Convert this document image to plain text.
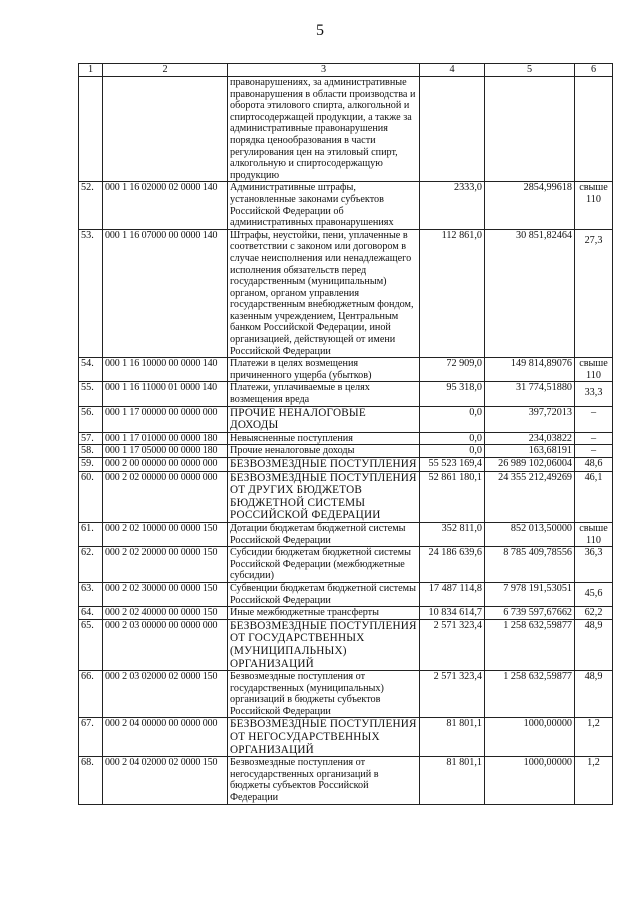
5
1	2	3	4	5	6
		правонарушениях, за административные правонарушения в области производства и оборота этилового спирта, алкогольной и спиртосодержащей продукции, а также за административные правонарушения порядка ценообразования в части регулирования цен на этиловый спирт, алкогольную и спиртосодержащую продукцию			
52.	000 1 16 02000 02 0000 140	Административные штрафы, установленные законами субъектов Российской Федерации об административных правонарушениях	2333,0	2854,99618	свыше 110
53.	000 1 16 07000 00 0000 140	Штрафы, неустойки, пени, уплаченные в соответствии с законом или договором в случае неисполнения или ненадлежащего исполнения обязательств перед государственным (муниципальным) органом, органом управления государственным внебюджетным фондом, казенным учреждением, Центральным банком Российской Федерации, иной организацией, действующей от имени Российской Федерации	112 861,0	30 851,82464	27,3
54.	000 1 16 10000 00 0000 140	Платежи в целях возмещения причиненного ущерба (убытков)	72 909,0	149 814,89076	свыше 110
55.	000 1 16 11000 01 0000 140	Платежи, уплачиваемые в целях возмещения вреда	95 318,0	31 774,51880	33,3
56.	000 1 17 00000 00 0000 000	ПРОЧИЕ НЕНАЛОГОВЫЕ ДОХОДЫ	0,0	397,72013	–
57.	000 1 17 01000 00 0000 180	Невыясненные поступления	0,0	234,03822	–
58.	000 1 17 05000 00 0000 180	Прочие неналоговые доходы	0,0	163,68191	–
59.	000 2 00 00000 00 0000 000	БЕЗВОЗМЕЗДНЫЕ ПОСТУПЛЕНИЯ	55 523 169,4	26 989 102,06004	48,6
60.	000 2 02 00000 00 0000 000	БЕЗВОЗМЕЗДНЫЕ ПОСТУПЛЕНИЯ ОТ ДРУГИХ БЮДЖЕТОВ БЮДЖЕТНОЙ СИСТЕМЫ РОССИЙСКОЙ ФЕДЕРАЦИИ	52 861 180,1	24 355 212,49269	46,1
61.	000 2 02 10000 00 0000 150	Дотации бюджетам бюджетной системы Российской Федерации	352 811,0	852 013,50000	свыше 110
62.	000 2 02 20000 00 0000 150	Субсидии бюджетам бюджетной системы Российской Федерации (межбюджетные субсидии)	24 186 639,6	8 785 409,78556	36,3
63.	000 2 02 30000 00 0000 150	Субвенции бюджетам бюджетной системы Российской Федерации	17 487 114,8	7 978 191,53051	45,6
64.	000 2 02 40000 00 0000 150	Иные межбюджетные трансферты	10 834 614,7	6 739 597,67662	62,2
65.	000 2 03 00000 00 0000 000	БЕЗВОЗМЕЗДНЫЕ ПОСТУПЛЕНИЯ ОТ ГОСУДАРСТВЕННЫХ (МУНИЦИПАЛЬНЫХ) ОРГАНИЗАЦИЙ	2 571 323,4	1 258 632,59877	48,9
66.	000 2 03 02000 02 0000 150	Безвозмездные поступления от государственных (муниципальных) организаций в бюджеты субъектов Российской Федерации	2 571 323,4	1 258 632,59877	48,9
67.	000 2 04 00000 00 0000 000	БЕЗВОЗМЕЗДНЫЕ ПОСТУПЛЕНИЯ ОТ НЕГОСУДАРСТВЕННЫХ ОРГАНИЗАЦИЙ	81 801,1	1000,00000	1,2
68.	000 2 04 02000 02 0000 150	Безвозмездные поступления от негосударственных организаций в бюджеты субъектов Российской Федерации	81 801,1	1000,00000	1,2
